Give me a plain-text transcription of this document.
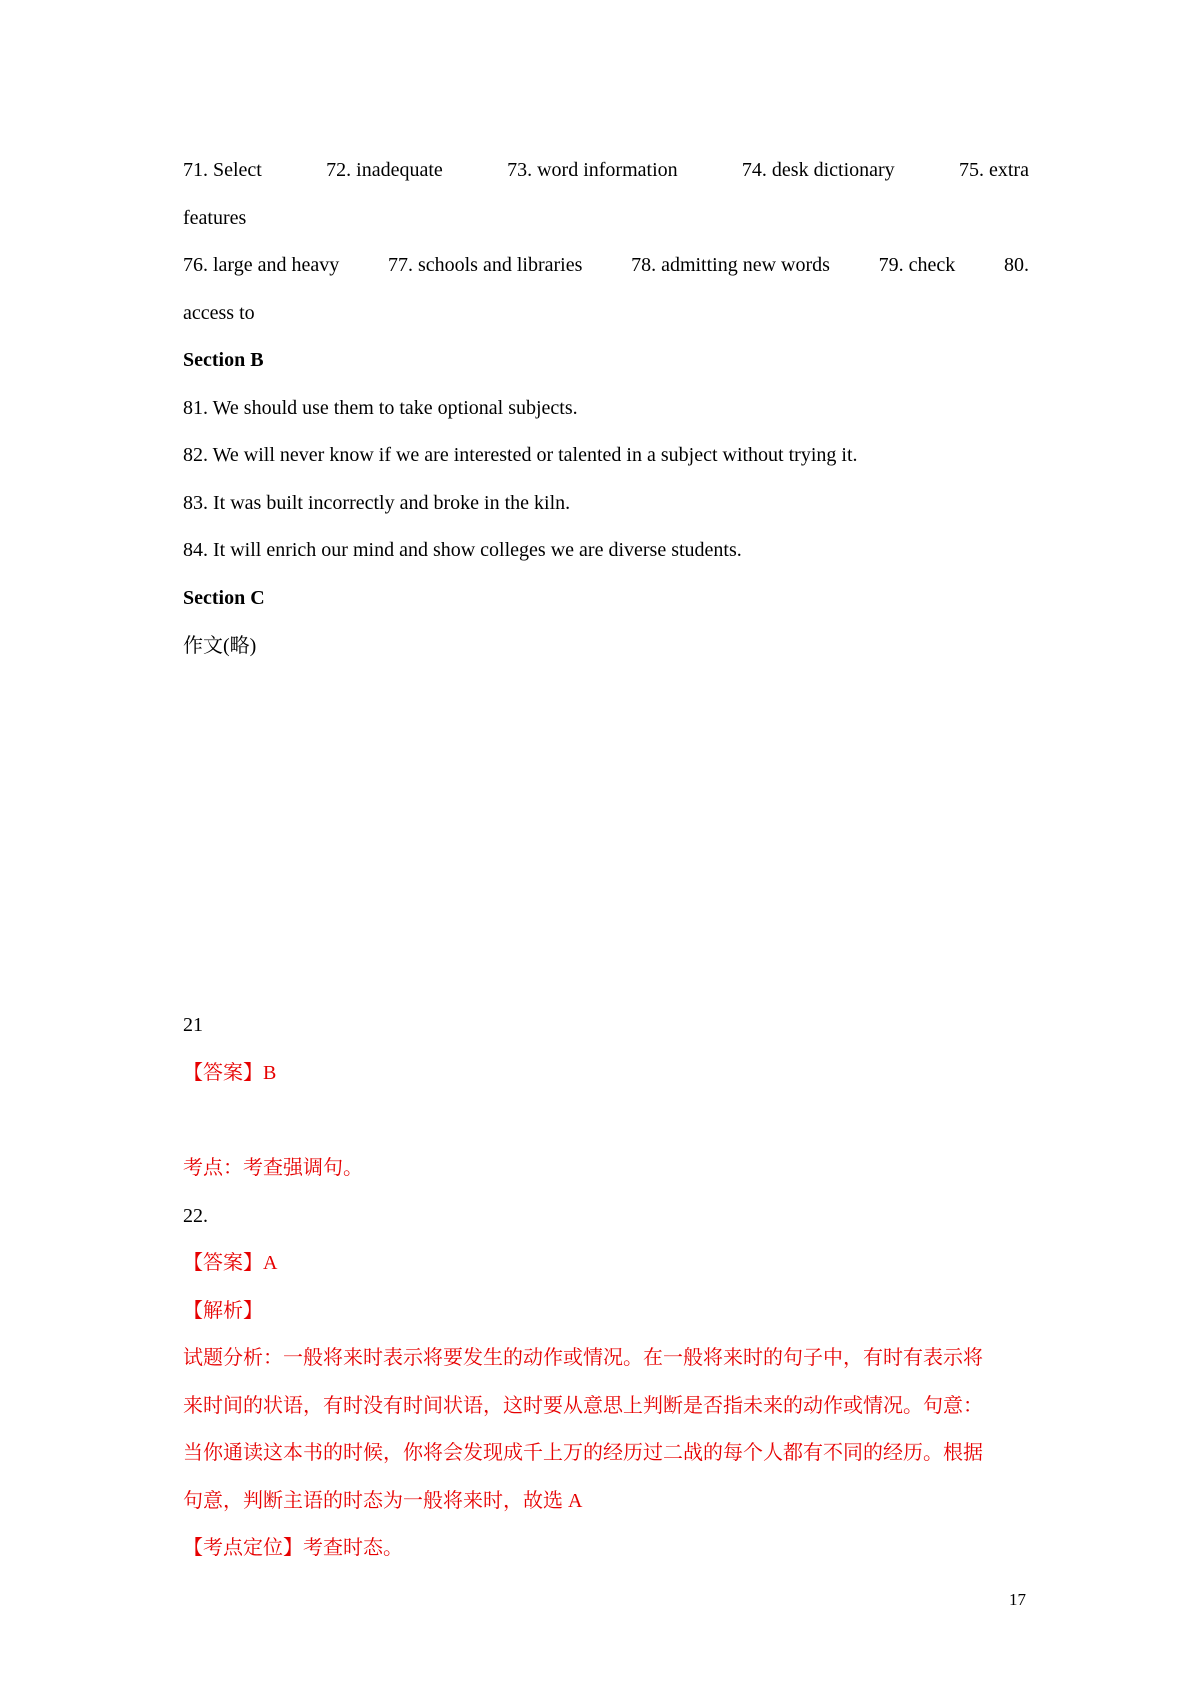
71. Select	72. inadequate	73. word information	74. desk dictionary	75. extra
features
76. large and heavy 77. schools and libraries 78. admitting new words 79. check 80.
access to
Section B
81. We should use them to take optional subjects.
82. We will never know if we are interested or talented in a subject without trying it.
83. It was built incorrectly and broke in the kiln.
84. It will enrich our mind and show colleges we are diverse students.
Section C
作文(略)
21
【答案】B
考点：考查强调句。
22.
【答案】A
【解析】
试题分析：一般将来时表示将要发生的动作或情况。在一般将来时的句子中，有时有表示将
来时间的状语，有时没有时间状语，这时要从意思上判断是否指未来的动作或情况。句意：
当你通读这本书的时候，你将会发现成千上万的经历过二战的每个人都有不同的经历。根据
句意，判断主语的时态为一般将来时，故选 A
【考点定位】考查时态。
17
